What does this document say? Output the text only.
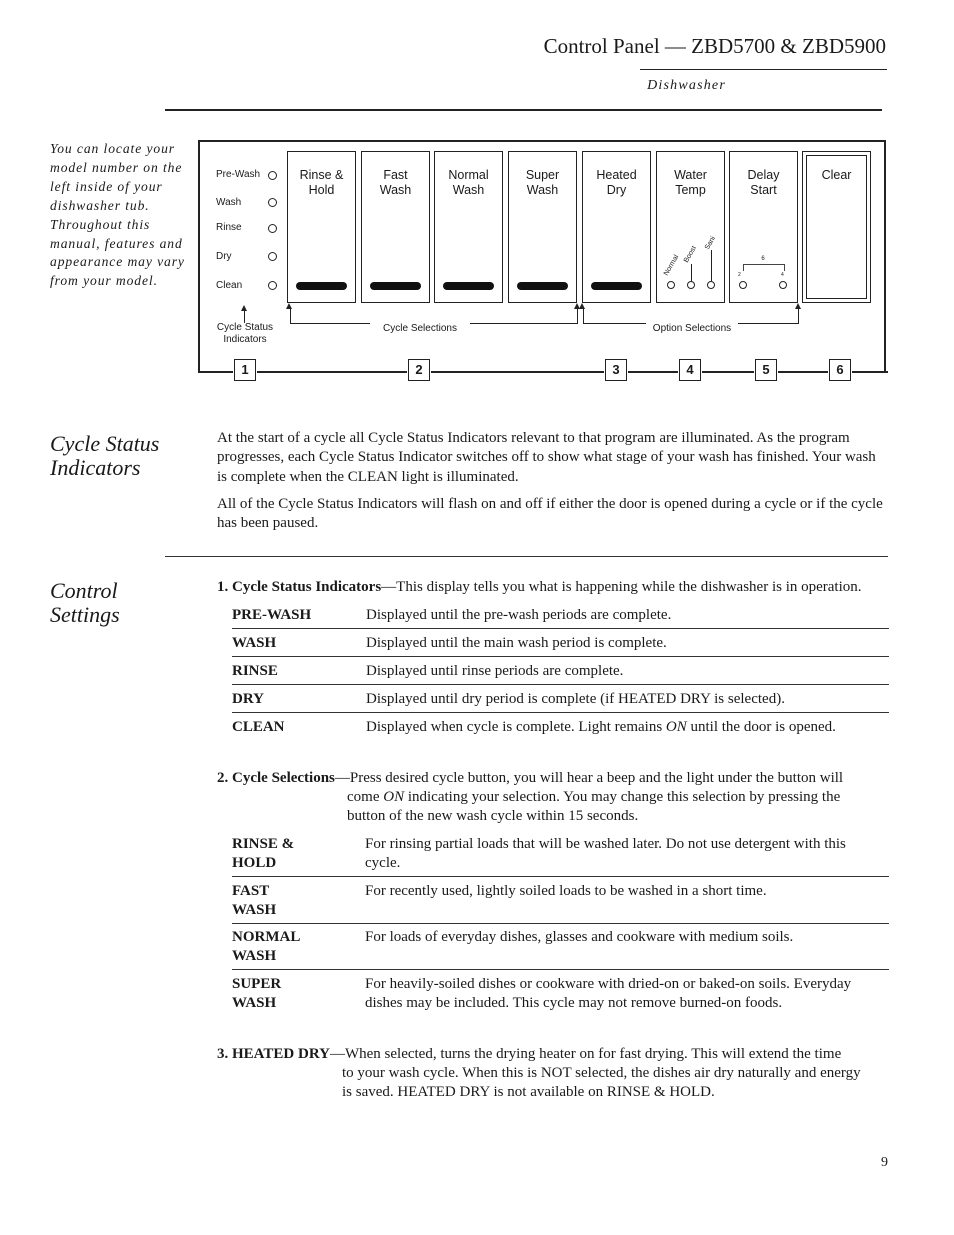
Control Panel — ZBD5700 & ZBD5900
Dishwasher
You can locate your model number on the left inside of your dishwasher tub. Throughout this manual, features and appearance may vary from your model.
Pre-Wash
Wash
Rinse
Dry
Clean
Rinse &
Hold
Fast
Wash
Normal
Wash
Super
Wash
Heated
Dry
Water
Temp
Delay
Start
Clear
Normal Boost
Sani
6
2	4
Cycle Status
Indicators
Cycle Selections	Option Selections
1	2	3	4	5	6
Cycle Status
Indicators
At the start of a cycle all Cycle Status Indicators relevant to that program are illuminated. As the program progresses, each Cycle Status Indicator switches off to show what stage of your wash has finished. Your wash is complete when the CLEAN light is illuminated.
All of the Cycle Status Indicators will flash on and off if either the door is opened during a cycle or if the cycle has been paused.
Control
Settings
1. Cycle Status Indicators—This display tells you what is happening while the dishwasher is in operation.
PRE-WASH	Displayed until the pre-wash periods are complete.
WASH	Displayed until the main wash period is complete.
RINSE	Displayed until rinse periods are complete.
DRY	Displayed until dry period is complete (if HEATED DRY is selected).
CLEAN	Displayed when cycle is complete. Light remains ON until the door is opened.
2. Cycle Selections—Press desired cycle button, you will hear a beep and the light under the button will
come ON indicating your selection. You may change this selection by pressing the
button of the new wash cycle within 15 seconds.
RINSE &
HOLD
For rinsing partial loads that will be washed later. Do not use detergent with this cycle.
FAST
WASH
For recently used, lightly soiled loads to be washed in a short time.
NORMAL
WASH
For loads of everyday dishes, glasses and cookware with medium soils.
SUPER
WASH
For heavily-soiled dishes or cookware with dried-on or baked-on soils. Everyday dishes may be included. This cycle may not remove burned-on foods.
3. HEATED DRY—When selected, turns the drying heater on for fast drying. This will extend the time
to your wash cycle. When this is NOT selected, the dishes air dry naturally and energy
is saved. HEATED DRY is not available on RINSE & HOLD.
9
